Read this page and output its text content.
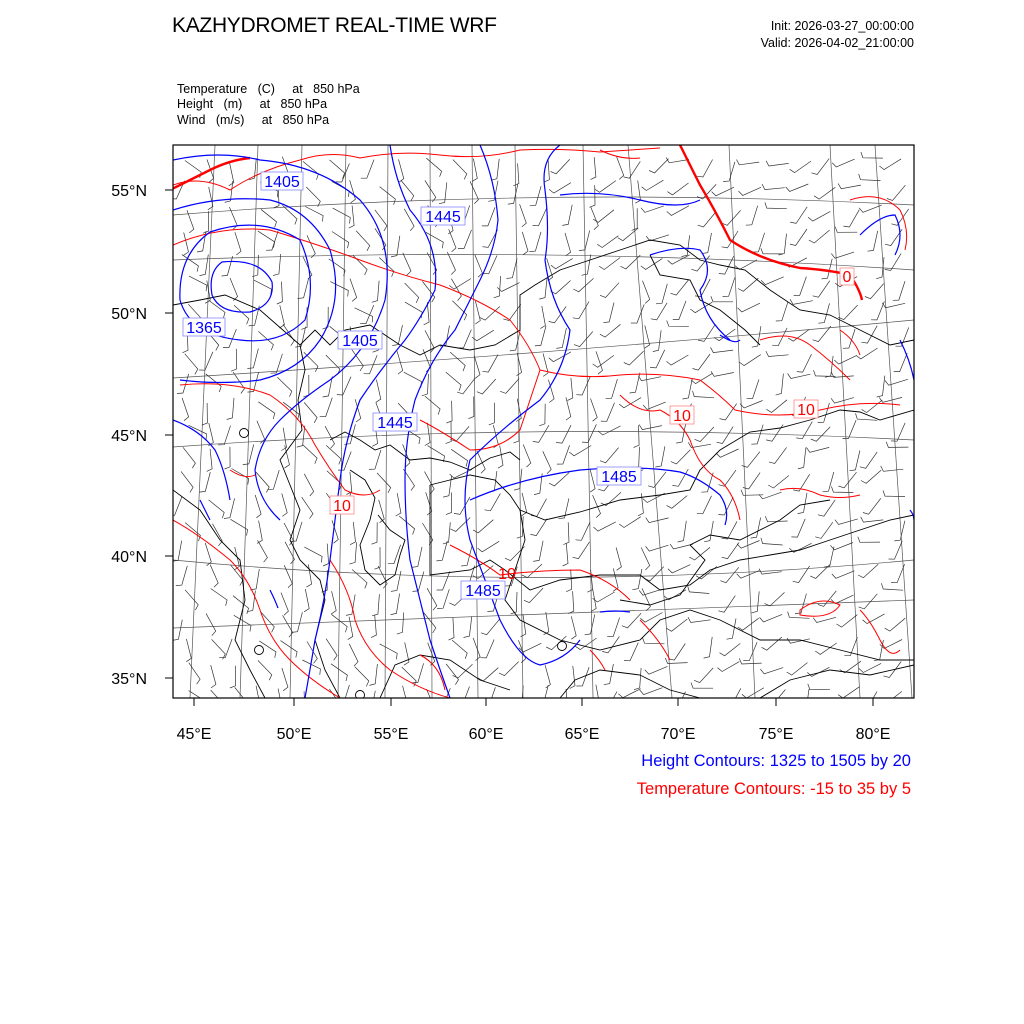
KAZHYDROMET REAL-TIME WRF	Init: 2026-03-27_00:00:00
Valid: 2026-04-02_21:00:00
Temperature   (C)     at   850 hPa
Height   (m)     at   850 hPa
Wind   (m/s)     at   850 hPa
45°E	50°E	55°E	60°E	65°E	70°E	75°E	80°E
55°N
50°N
45°N
40°N
35°N
1405
1445
1365
1405
1445
1485
1485
10
10	10
10
0
Height Contours: 1325 to 1505 by 20
Temperature Contours: -15 to 35 by 5
